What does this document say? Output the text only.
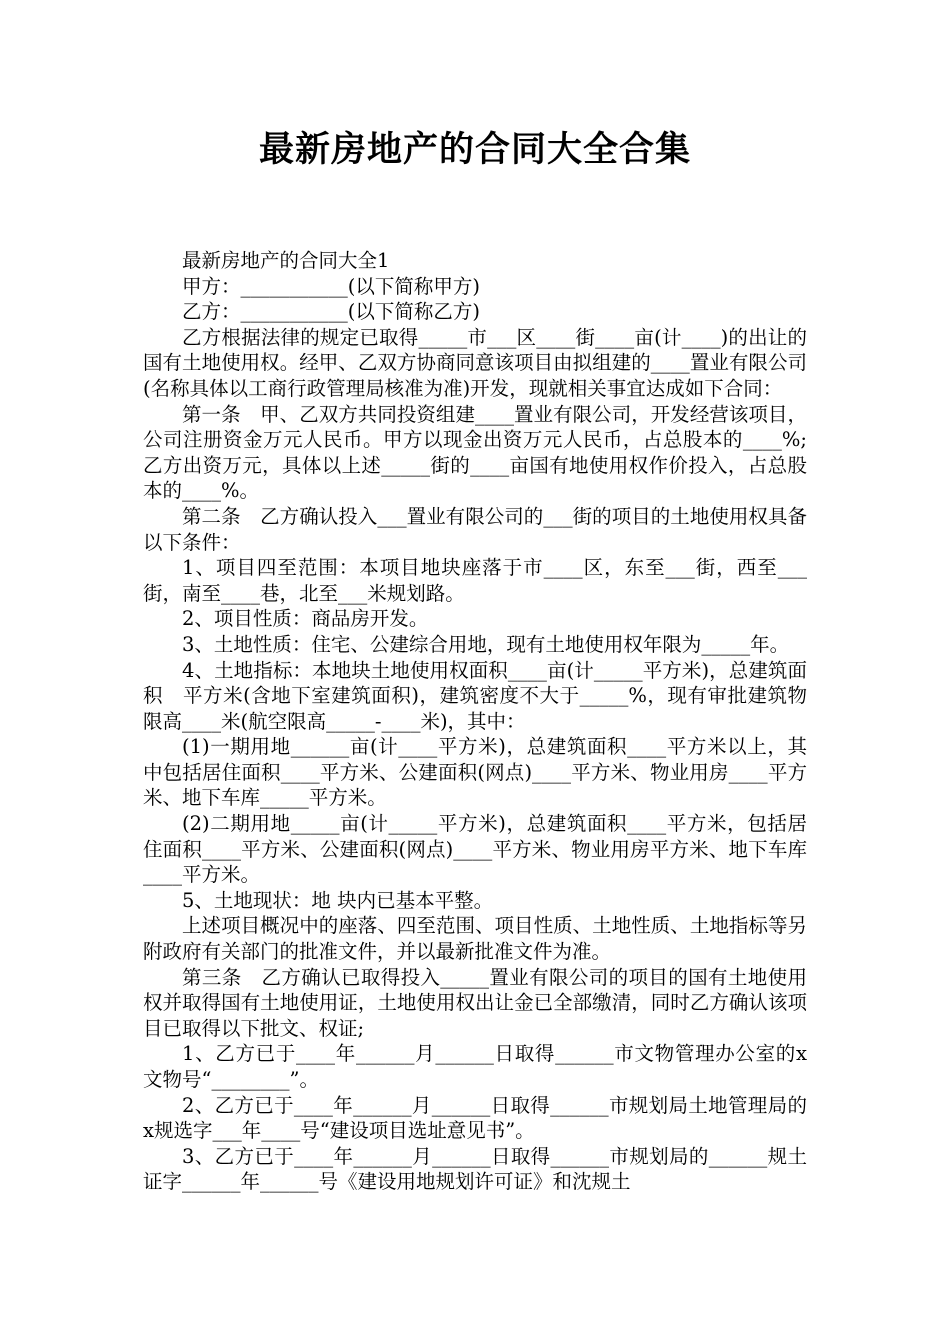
最新房地产的合同大全合集

最新房地产的合同大全1

甲方：___________(以下简称甲方)

乙方：___________(以下简称乙方)

乙方根据法律的规定已取得_____市___区____街____亩(计____)的出让的国有土地使用权。经甲、乙双方协商同意该项目由拟组建的____置业有限公司(名称具体以工商行政管理局核准为准)开发，现就相关事宜达成如下合同：

第一条　甲、乙双方共同投资组建____置业有限公司，开发经营该项目，公司注册资金万元人民币。甲方以现金出资万元人民币，占总股本的____%;乙方出资万元，具体以上述_____街的____亩国有地使用权作价投入，占总股本的____%。

第二条　乙方确认投入___置业有限公司的___街的项目的土地使用权具备以下条件：

1、项目四至范围：本项目地块座落于市____区，东至___街，西至___街，南至____巷，北至___米规划路。

2、项目性质：商品房开发。

3、土地性质：住宅、公建综合用地，现有土地使用权年限为_____年。

4、土地指标：本地块土地使用权面积____亩(计_____平方米)，总建筑面积　平方米(含地下室建筑面积)，建筑密度不大于_____%，现有审批建筑物限高____米(航空限高_____-____米)，其中：

(1)一期用地______亩(计____平方米)，总建筑面积____平方米以上，其中包括居住面积____平方米、公建面积(网点)____平方米、物业用房____平方米、地下车库_____平方米。

(2)二期用地_____亩(计_____平方米)，总建筑面积____平方米，包括居住面积____平方米、公建面积(网点)____平方米、物业用房平方米、地下车库____平方米。

5、土地现状：地 块内已基本平整。

上述项目概况中的座落、四至范围、项目性质、土地性质、土地指标等另附政府有关部门的批准文件，并以最新批准文件为准。

第三条　乙方确认已取得投入_____置业有限公司的项目的国有土地使用权并取得国有土地使用证，土地使用权出让金已全部缴清，同时乙方确认该项目已取得以下批文、权证;

1、乙方已于____年______月______日取得______市文物管理办公室的x文物号“________”。

2、乙方已于____年______月______日取得______市规划局土地管理局的x规选字___年____号“建设项目选址意见书”。

3、乙方已于____年______月______日取得______市规划局的______规土证字______年______号《建设用地规划许可证》和沈规土
